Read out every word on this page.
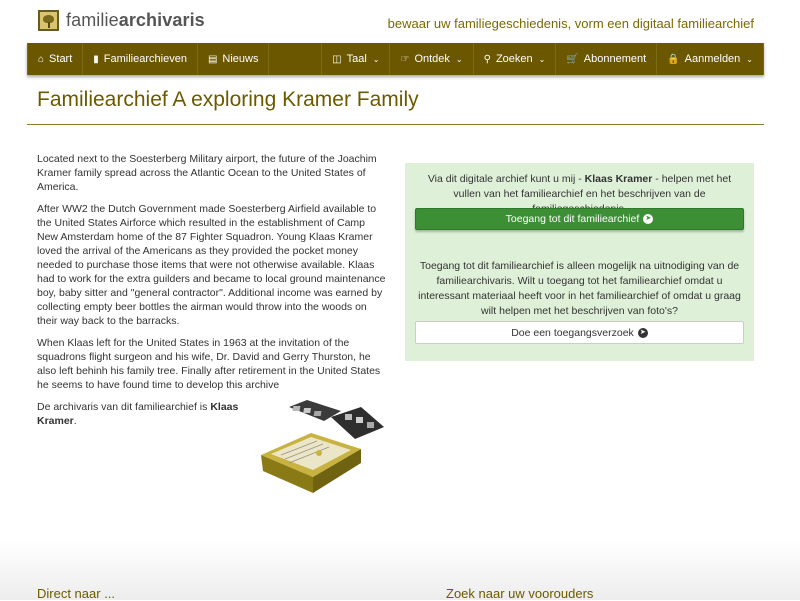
familiearchivaris	bewaar uw familiegeschiedenis, vorm een digitaal familiearchief
⌂ Start ▮ Familiearchieven ▤ Nieuws	◫ Taal ⌄ ☞ Ontdek ⌄ ⚲ Zoeken ⌄ 🛒 Abonnement 🔒 Aanmelden ⌄
Familiearchief A exploring Kramer Family

Located next to the Soesterberg Military airport, the future of the Joachim Kramer family spread across the Atlantic Ocean to the United States of America.

After WW2 the Dutch Government made Soesterberg Airfield available to the United States Airforce which resulted in the establishment of Camp New Amsterdam home of the 87 Fighter Squadron. Young Klaas Kramer loved the arrival of the Americans as they provided the pocket money needed to purchase those items that were not otherwise available. Klaas had to work for the extra guilders and became to local ground maintenance boy, baby sitter and "general contractor". Additional income was earned by collecting empty beer bottles the airman would throw into the woods on their way back to the barracks.

When Klaas left for the United States in 1963 at the invitation of the squadrons flight surgeon and his wife, Dr. David and Gerry Thurston, he also left behinh his family tree. Finally after retirement in the United States he seems to have found time to develop this archive

De archivaris van dit familiearchief is Klaas Kramer.

Via dit digitale archief kunt u mij - Klaas Kramer - helpen met het vullen van het familiearchief en het beschrijven van de
Toegang tot dit familiearchief ➤
Toegang tot dit familiearchief is alleen mogelijk na uitnodiging van de familiearchivaris. Wilt u toegang tot het familiearchief omdat u interessant materiaal heeft voor in het familiearchief of omdat u graag wilt helpen met het beschrijven van foto's?
Doe een toegangsverzoek ➤
Direct naar ...	Zoek naar uw voorouders
